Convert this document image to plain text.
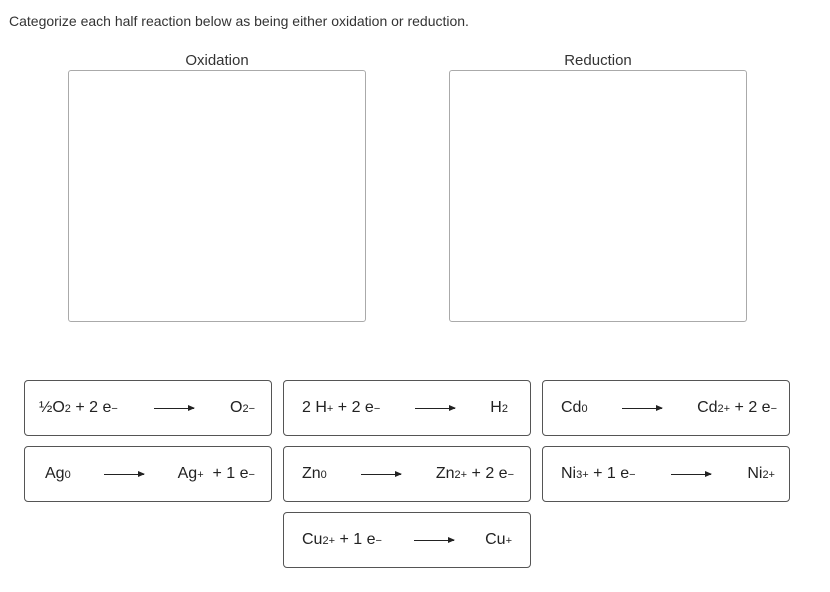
Categorize each half reaction below as being either oxidation or reduction.
Oxidation	Reduction
½O 2 + 2 e −	O 2−	2 H + + 2 e −	H 2	Cd 0	Cd 2+ + 2 e −
Ag 0	Ag + + 1 e −	Zn 0	Zn 2+ + 2 e −	Ni 3+ + 1 e −	Ni 2+
Cu 2+ + 1 e −	Cu +
